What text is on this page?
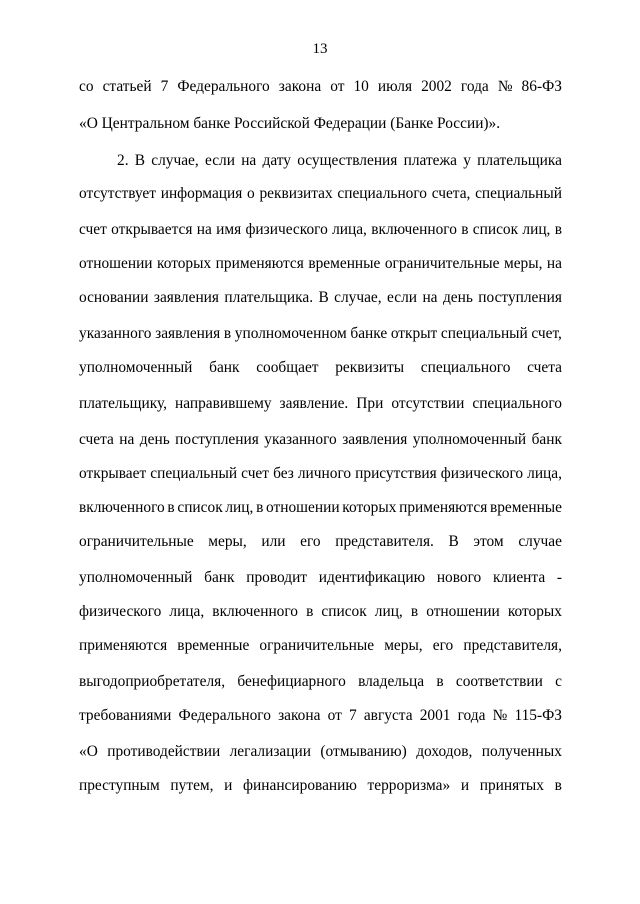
13
со статьей 7 Федерального закона от 10 июля 2002 года № 86-ФЗ
«О Центральном банке Российской Федерации (Банке России)».
2. В случае, если на дату осуществления платежа у плательщика
отсутствует информация о реквизитах специального счета, специальный
счет открывается на имя физического лица, включенного в список лиц, в
отношении которых применяются временные ограничительные меры, на
основании заявления плательщика. В случае, если на день поступления
указанного заявления в уполномоченном банке открыт специальный счет,
уполномоченный банк сообщает реквизиты специального счета
плательщику, направившему заявление. При отсутствии специального
счета на день поступления указанного заявления уполномоченный банк
открывает специальный счет без личного присутствия физического лица,
включенного в список лиц, в отношении которых применяются временные
ограничительные меры, или его представителя. В этом случае
уполномоченный банк проводит идентификацию нового клиента -
физического лица, включенного в список лиц, в отношении которых
применяются временные ограничительные меры, его представителя,
выгодоприобретателя, бенефициарного владельца в соответствии с
требованиями Федерального закона от 7 августа 2001 года № 115-ФЗ
«О противодействии легализации (отмыванию) доходов, полученных
преступным путем, и финансированию терроризма» и принятых в
